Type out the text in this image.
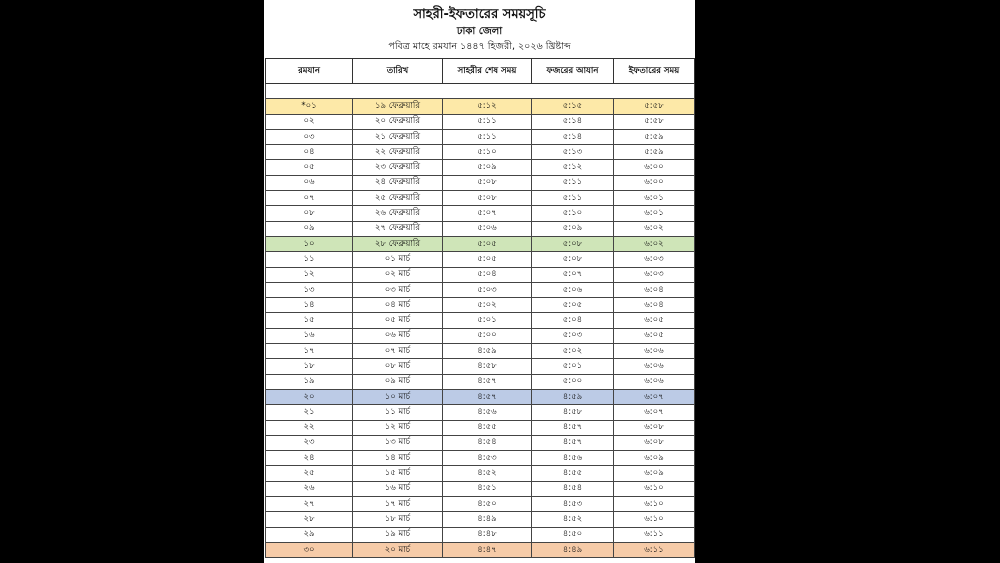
সাহরী-ইফতারের সময়সূচি
ঢাকা জেলা
পবিত্র মাহে রমযান ১৪৪৭ হিজরী, ২০২৬ খ্রিষ্টাব্দ
রমযান	তারিখ	সাহরীর শেষ সময়	ফজরের আযান	ইফতারের সময়

*০১	১৯ ফেব্রুয়ারি	৫:১২	৫:১৫	৫:৫৮
০২	২০ ফেব্রুয়ারি	৫:১১	৫:১৪	৫:৫৮
০৩	২১ ফেব্রুয়ারি	৫:১১	৫:১৪	৫:৫৯
০৪	২২ ফেব্রুয়ারি	৫:১০	৫:১৩	৫:৫৯
০৫	২৩ ফেব্রুয়ারি	৫:০৯	৫:১২	৬:০০
০৬	২৪ ফেব্রুয়ারি	৫:০৮	৫:১১	৬:০০
০৭	২৫ ফেব্রুয়ারি	৫:০৮	৫:১১	৬:০১
০৮	২৬ ফেব্রুয়ারি	৫:০৭	৫:১০	৬:০১
০৯	২৭ ফেব্রুয়ারি	৫:০৬	৫:০৯	৬:০২
১০	২৮ ফেব্রুয়ারি	৫:০৫	৫:০৮	৬:০২
১১	০১ মার্চ	৫:০৫	৫:০৮	৬:০৩
১২	০২ মার্চ	৫:০৪	৫:০৭	৬:০৩
১৩	০৩ মার্চ	৫:০৩	৫:০৬	৬:০৪
১৪	০৪ মার্চ	৫:০২	৫:০৫	৬:০৪
১৫	০৫ মার্চ	৫:০১	৫:০৪	৬:০৫
১৬	০৬ মার্চ	৫:০০	৫:০৩	৬:০৫
১৭	০৭ মার্চ	৪:৫৯	৫:০২	৬:০৬
১৮	০৮ মার্চ	৪:৫৮	৫:০১	৬:০৬
১৯	০৯ মার্চ	৪:৫৭	৫:০০	৬:০৬
২০	১০ মার্চ	৪:৫৭	৪:৫৯	৬:০৭
২১	১১ মার্চ	৪:৫৬	৪:৫৮	৬:০৭
২২	১২ মার্চ	৪:৫৫	৪:৫৭	৬:০৮
২৩	১৩ মার্চ	৪:৫৪	৪:৫৭	৬:০৮
২৪	১৪ মার্চ	৪:৫৩	৪:৫৬	৬:০৯
২৫	১৫ মার্চ	৪:৫২	৪:৫৫	৬:০৯
২৬	১৬ মার্চ	৪:৫১	৪:৫৪	৬:১০
২৭	১৭ মার্চ	৪:৫০	৪:৫৩	৬:১০
২৮	১৮ মার্চ	৪:৪৯	৪:৫২	৬:১০
২৯	১৯ মার্চ	৪:৪৮	৪:৫০	৬:১১
৩০	২০ মার্চ	৪:৪৭	৪:৪৯	৬:১১
